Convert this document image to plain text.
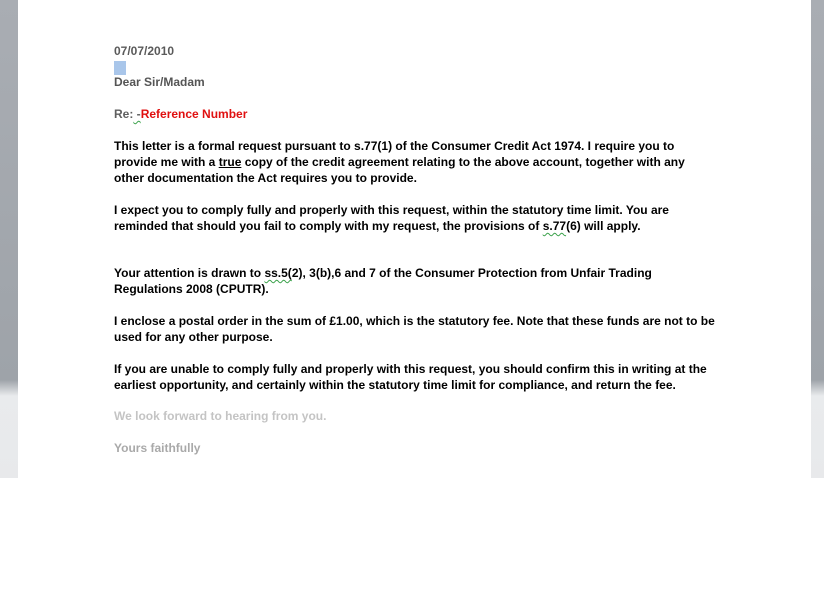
07/07/2010

Dear Sir/Madam

Re: -Reference Number

This letter is a formal request pursuant to s.77(1) of the Consumer Credit Act 1974. I require you to

provide me with a true copy of the credit agreement relating to the above account, together with any

other documentation the Act requires you to provide.

I expect you to comply fully and properly with this request, within the statutory time limit. You are

reminded that should you fail to comply with my request, the provisions of s.77(6) will apply.

Your attention is drawn to ss.5(2), 3(b),6 and 7 of the Consumer Protection from Unfair Trading

Regulations 2008 (CPUTR).

I enclose a postal order in the sum of £1.00, which is the statutory fee. Note that these funds are not to be

used for any other purpose.

If you are unable to comply fully and properly with this request, you should confirm this in writing at the

earliest opportunity, and certainly within the statutory time limit for compliance, and return the fee.

We look forward to hearing from you.

Yours faithfully
